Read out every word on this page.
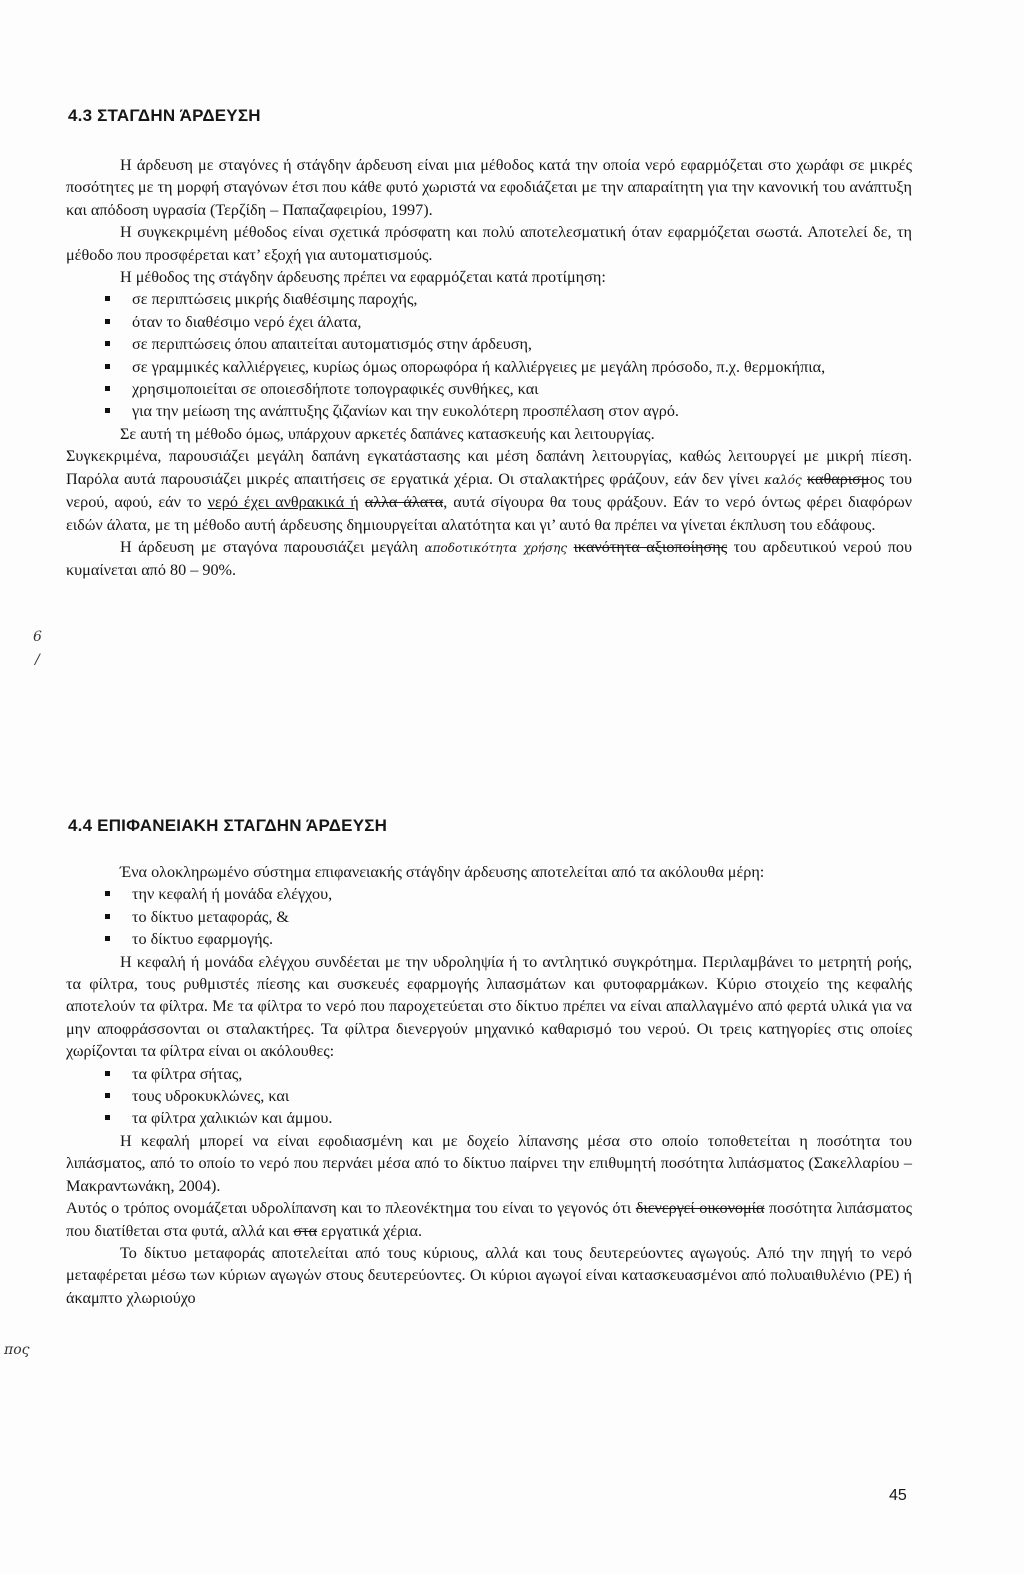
4.3 ΣΤΑΓΔΗΝ ΆΡΔΕΥΣΗ

Η άρδευση με σταγόνες ή στάγδην άρδευση είναι μια μέθοδος κατά την οποία νερό εφαρμόζεται στο χωράφι σε μικρές ποσότητες με τη μορφή σταγόνων έτσι που κάθε φυτό χωριστά να εφοδιάζεται με την απαραίτητη για την κανονική του ανάπτυξη και απόδοση υγρασία (Τερζίδη – Παπαζαφειρίου, 1997).

Η συγκεκριμένη μέθοδος είναι σχετικά πρόσφατη και πολύ αποτελεσματική όταν εφαρμόζεται σωστά. Αποτελεί δε, τη μέθοδο που προσφέρεται κατ’ εξοχή για αυτοματισμούς.

Η μέθοδος της στάγδην άρδευσης πρέπει να εφαρμόζεται κατά προτίμηση:

σε περιπτώσεις μικρής διαθέσιμης παροχής,
όταν το διαθέσιμο νερό έχει άλατα,
σε περιπτώσεις όπου απαιτείται αυτοματισμός στην άρδευση,
σε γραμμικές καλλιέργειες, κυρίως όμως οπορωφόρα ή καλλιέργειες με μεγάλη πρόσοδο, π.χ. θερμοκήπια,
χρησιμοποιείται σε οποιεσδήποτε τοπογραφικές συνθήκες, και
για την μείωση της ανάπτυξης ζιζανίων και την ευκολότερη προσπέλαση στον αγρό.

Σε αυτή τη μέθοδο όμως, υπάρχουν αρκετές δαπάνες κατασκευής και λειτουργίας.

Συγκεκριμένα, παρουσιάζει μεγάλη δαπάνη εγκατάστασης και μέση δαπάνη λειτουργίας, καθώς λειτουργεί με μικρή πίεση. Παρόλα αυτά παρουσιάζει μικρές απαιτήσεις σε εργατικά χέρια. Οι σταλακτήρες φράζουν, εάν δεν γίνει καλός καθαρισμος του νερού, αφού, εάν το νερό έχει ανθρακικά ή αλλα άλατα, αυτά σίγουρα θα τους φράξουν. Εάν το νερό όντως φέρει διαφόρων ειδών άλατα, με τη μέθοδο αυτή άρδευσης δημιουργείται αλατότητα και γι’ αυτό θα πρέπει να γίνεται έκπλυση του εδάφους.

Η άρδευση με σταγόνα παρουσιάζει μεγάλη αποδοτικότητα χρήσης ικανότητα αξιοποίησης του αρδευτικού νερού που κυμαίνεται από 80 – 90%.

4.4 ΕΠΙΦΑΝΕΙΑΚΗ ΣΤΑΓΔΗΝ ΆΡΔΕΥΣΗ

Ένα ολοκληρωμένο σύστημα επιφανειακής στάγδην άρδευσης αποτελείται από τα ακόλουθα μέρη:

την κεφαλή ή μονάδα ελέγχου,
το δίκτυο μεταφοράς, &
το δίκτυο εφαρμογής.

Η κεφαλή ή μονάδα ελέγχου συνδέεται με την υδροληψία ή το αντλητικό συγκρότημα. Περιλαμβάνει το μετρητή ροής, τα φίλτρα, τους ρυθμιστές πίεσης και συσκευές εφαρμογής λιπασμάτων και φυτοφαρμάκων. Κύριο στοιχείο της κεφαλής αποτελούν τα φίλτρα. Με τα φίλτρα το νερό που παροχετεύεται στο δίκτυο πρέπει να είναι απαλλαγμένο από φερτά υλικά για να μην αποφράσσονται οι σταλακτήρες. Τα φίλτρα διενεργούν μηχανικό καθαρισμό του νερού. Οι τρεις κατηγορίες στις οποίες χωρίζονται τα φίλτρα είναι οι ακόλουθες:

τα φίλτρα σήτας,
τους υδροκυκλώνες, και
τα φίλτρα χαλικιών και άμμου.

Η κεφαλή μπορεί να είναι εφοδιασμένη και με δοχείο λίπανσης μέσα στο οποίο τοποθετείται η ποσότητα του λιπάσματος, από το οποίο το νερό που περνάει μέσα από το δίκτυο παίρνει την επιθυμητή ποσότητα λιπάσματος (Σακελλαρίου – Μακραντωνάκη, 2004).

Αυτός ο τρόπος ονομάζεται υδρολίπανση και το πλεονέκτημα του είναι το γεγονός ότι διενεργεί οικονομία ποσότητα λιπάσματος που διατίθεται στα φυτά, αλλά και στα εργατικά χέρια.

Το δίκτυο μεταφοράς αποτελείται από τους κύριους, αλλά και τους δευτερεύοντες αγωγούς. Από την πηγή το νερό μεταφέρεται μέσω των κύριων αγωγών στους δευτερεύοντες. Οι κύριοι αγωγοί είναι κατασκευασμένοι από πολυαιθυλένιο (PE) ή άκαμπτο χλωριούχο

πος
6
/
45
